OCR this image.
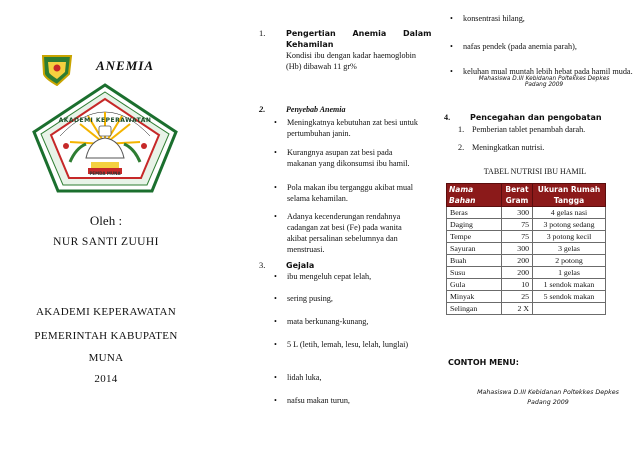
ANEMIA
AKADEMI KEPERAWATAN
PEMDA MUNA
Oleh :
NUR SANTI ZUUHI
AKADEMI KEPERAWATAN
PEMERINTAH KABUPATEN
MUNA
2014
1.	Pengertian      Anemia      Dalam
Kehamilan
Kondisi ibu dengan kadar haemoglobin (Hb) dibawah 11 gr%
2.	Penyebab Anemia
• Meningkatnya kebutuhan zat besi untuk pertumbuhan janin.
• Kurangnya asupan zat besi pada makanan yang dikonsumsi ibu hamil.
• Pola makan ibu terganggu akibat mual selama kehamilan.
• Adanya kecenderungan rendahnya cadangan zat besi (Fe) pada wanita akibat persalinan sebelumnya dan menstruasi.
3.	Gejala
• ibu mengeluh cepat lelah,
• sering pusing,
• mata berkunang-kunang,
• 5 L (letih, lemah, lesu, lelah, lunglai)
• lidah luka,
• nafsu makan turun,
• konsentrasi hilang,
• nafas pendek (pada anemia parah),
• keluhan mual muntah lebih hebat pada hamil muda.
Mahasiswa D.III Kebidanan Poltekkes Depkes
Padang 2009
4. Pencegahan dan pengobatan
1. Pemberian tablet penambah darah.
2. Meningkatkan nutrisi.
TABEL NUTRISI IBU HAMIL
Nama Bahan	Berat Gram	Ukuran Rumah Tangga
Beras	300	4 gelas nasi
Daging	75	3 potong sedang
Tempe	75	3 potong kecil
Sayuran	300	3 gelas
Buah	200	2 potong
Susu	200	1 gelas
Gula	10	1 sendok makan
Minyak	25	5 sendok makan
Selingan	2 X	
CONTOH MENU:
Mahasiswa D.III Kebidanan Poltekkes Depkes
Padang 2009
